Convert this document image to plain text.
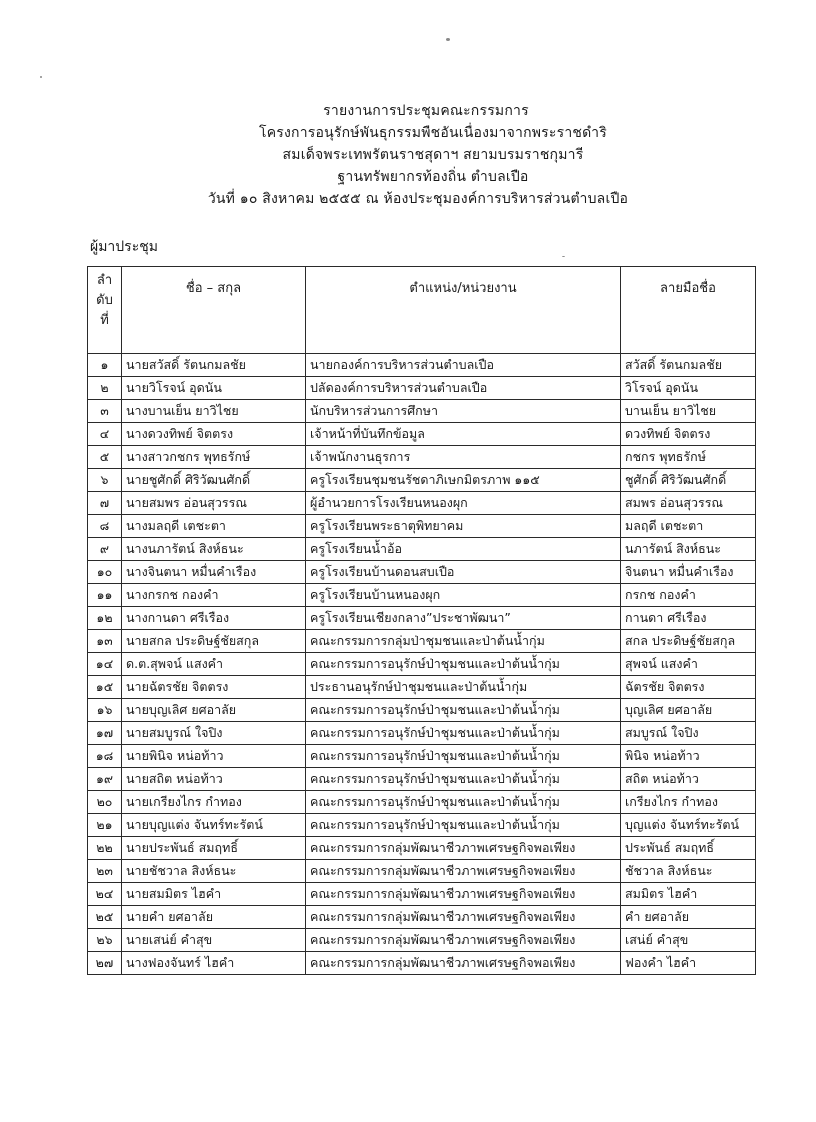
รายงานการประชุมคณะกรรมการ
โครงการอนุรักษ์พันธุกรรมพืชอันเนื่องมาจากพระราชดำริ
สมเด็จพระเทพรัตนราชสุดาฯ สยามบรมราชกุมารี
ฐานทรัพยากรท้องถิ่น ตำบลเปือ
วันที่ ๑๐ สิงหาคม ๒๕๕๕ ณ ห้องประชุมองค์การบริหารส่วนตำบลเปือ
ผู้มาประชุม
ลำ
ดับ
ที่	ชื่อ – สกุล	ตำแหน่ง/หน่วยงาน	ลายมือชื่อ
๑	นายสวัสดิ์ รัตนกมลชัย	นายกองค์การบริหารส่วนตำบลเปือ	สวัสดิ์ รัตนกมลชัย
๒	นายวิโรจน์ อุดนัน	ปลัดองค์การบริหารส่วนตำบลเปือ	วิโรจน์ อุดนัน
๓	นางบานเย็น ยาวิไชย	นักบริหารส่วนการศึกษา	บานเย็น ยาวิไชย
๔	นางดวงทิพย์ จิตตรง	เจ้าหน้าที่บันทึกข้อมูล	ดวงทิพย์ จิตตรง
๕	นางสาวกชกร พุทธรักษ์	เจ้าพนักงานธุรการ	กชกร พุทธรักษ์
๖	นายชูศักดิ์ ศิริวัฒนศักดิ์	ครูโรงเรียนชุมชนรัชดาภิเษกมิตรภาพ ๑๑๕	ชูศักดิ์ ศิริวัฒนศักดิ์
๗	นายสมพร อ่อนสุวรรณ	ผู้อำนวยการโรงเรียนหนองผุก	สมพร อ่อนสุวรรณ
๘	นางมลฤดี เตชะตา	ครูโรงเรียนพระธาตุพิทยาคม	มลฤดี เตชะตา
๙	นางนภารัตน์ สิงห์ธนะ	ครูโรงเรียนน้ำอ้อ	นภารัตน์ สิงห์ธนะ
๑๐	นางจินตนา หมื่นคำเรือง	ครูโรงเรียนบ้านดอนสบเปือ	จินตนา หมื่นคำเรือง
๑๑	นางกรกช กองคำ	ครูโรงเรียนบ้านหนองผุก	กรกช กองคำ
๑๒	นางกานดา ศรีเรือง	ครูโรงเรียนเชียงกลาง”ประชาพัฒนา”	กานดา ศรีเรือง
๑๓	นายสกล ประดิษฐ์ชัยสกุล	คณะกรรมการกลุ่มป่าชุมชนและป่าต้นน้ำกุ่ม	สกล ประดิษฐ์ชัยสกุล
๑๔	ด.ต.สุพจน์ แสงคำ	คณะกรรมการอนุรักษ์ป่าชุมชนและป่าต้นน้ำกุ่ม	สุพจน์ แสงคำ
๑๕	นายฉัตรชัย จิตตรง	ประธานอนุรักษ์ป่าชุมชนและป่าต้นน้ำกุ่ม	ฉัตรชัย จิตตรง
๑๖	นายบุญเลิศ ยศอาลัย	คณะกรรมการอนุรักษ์ป่าชุมชนและป่าต้นน้ำกุ่ม	บุญเลิศ ยศอาลัย
๑๗	นายสมบูรณ์ ใจปิง	คณะกรรมการอนุรักษ์ป่าชุมชนและป่าต้นน้ำกุ่ม	สมบูรณ์ ใจปิง
๑๘	นายพินิจ หน่อท้าว	คณะกรรมการอนุรักษ์ป่าชุมชนและป่าต้นน้ำกุ่ม	พินิจ หน่อท้าว
๑๙	นายสถิต หน่อท้าว	คณะกรรมการอนุรักษ์ป่าชุมชนและป่าต้นน้ำกุ่ม	สถิต หน่อท้าว
๒๐	นายเกรียงไกร กำทอง	คณะกรรมการอนุรักษ์ป่าชุมชนและป่าต้นน้ำกุ่ม	เกรียงไกร กำทอง
๒๑	นายบุญแต่ง จันทร์ทะรัตน์	คณะกรรมการอนุรักษ์ป่าชุมชนและป่าต้นน้ำกุ่ม	บุญแต่ง จันทร์ทะรัตน์
๒๒	นายประพันธ์ สมฤทธิ์	คณะกรรมการกลุ่มพัฒนาชีวภาพเศรษฐกิจพอเพียง	ประพันธ์ สมฤทธิ์
๒๓	นายชัชวาล สิงห์ธนะ	คณะกรรมการกลุ่มพัฒนาชีวภาพเศรษฐกิจพอเพียง	ชัชวาล สิงห์ธนะ
๒๔	นายสมมิตร ไฮคำ	คณะกรรมการกลุ่มพัฒนาชีวภาพเศรษฐกิจพอเพียง	สมมิตร ไฮคำ
๒๕	นายคำ ยศอาลัย	คณะกรรมการกลุ่มพัฒนาชีวภาพเศรษฐกิจพอเพียง	คำ ยศอาลัย
๒๖	นายเสน่ย์ คำสุข	คณะกรรมการกลุ่มพัฒนาชีวภาพเศรษฐกิจพอเพียง	เสน่ย์ คำสุข
๒๗	นางฟองจันทร์ ไฮคำ	คณะกรรมการกลุ่มพัฒนาชีวภาพเศรษฐกิจพอเพียง	ฟองคำ ไฮคำ
